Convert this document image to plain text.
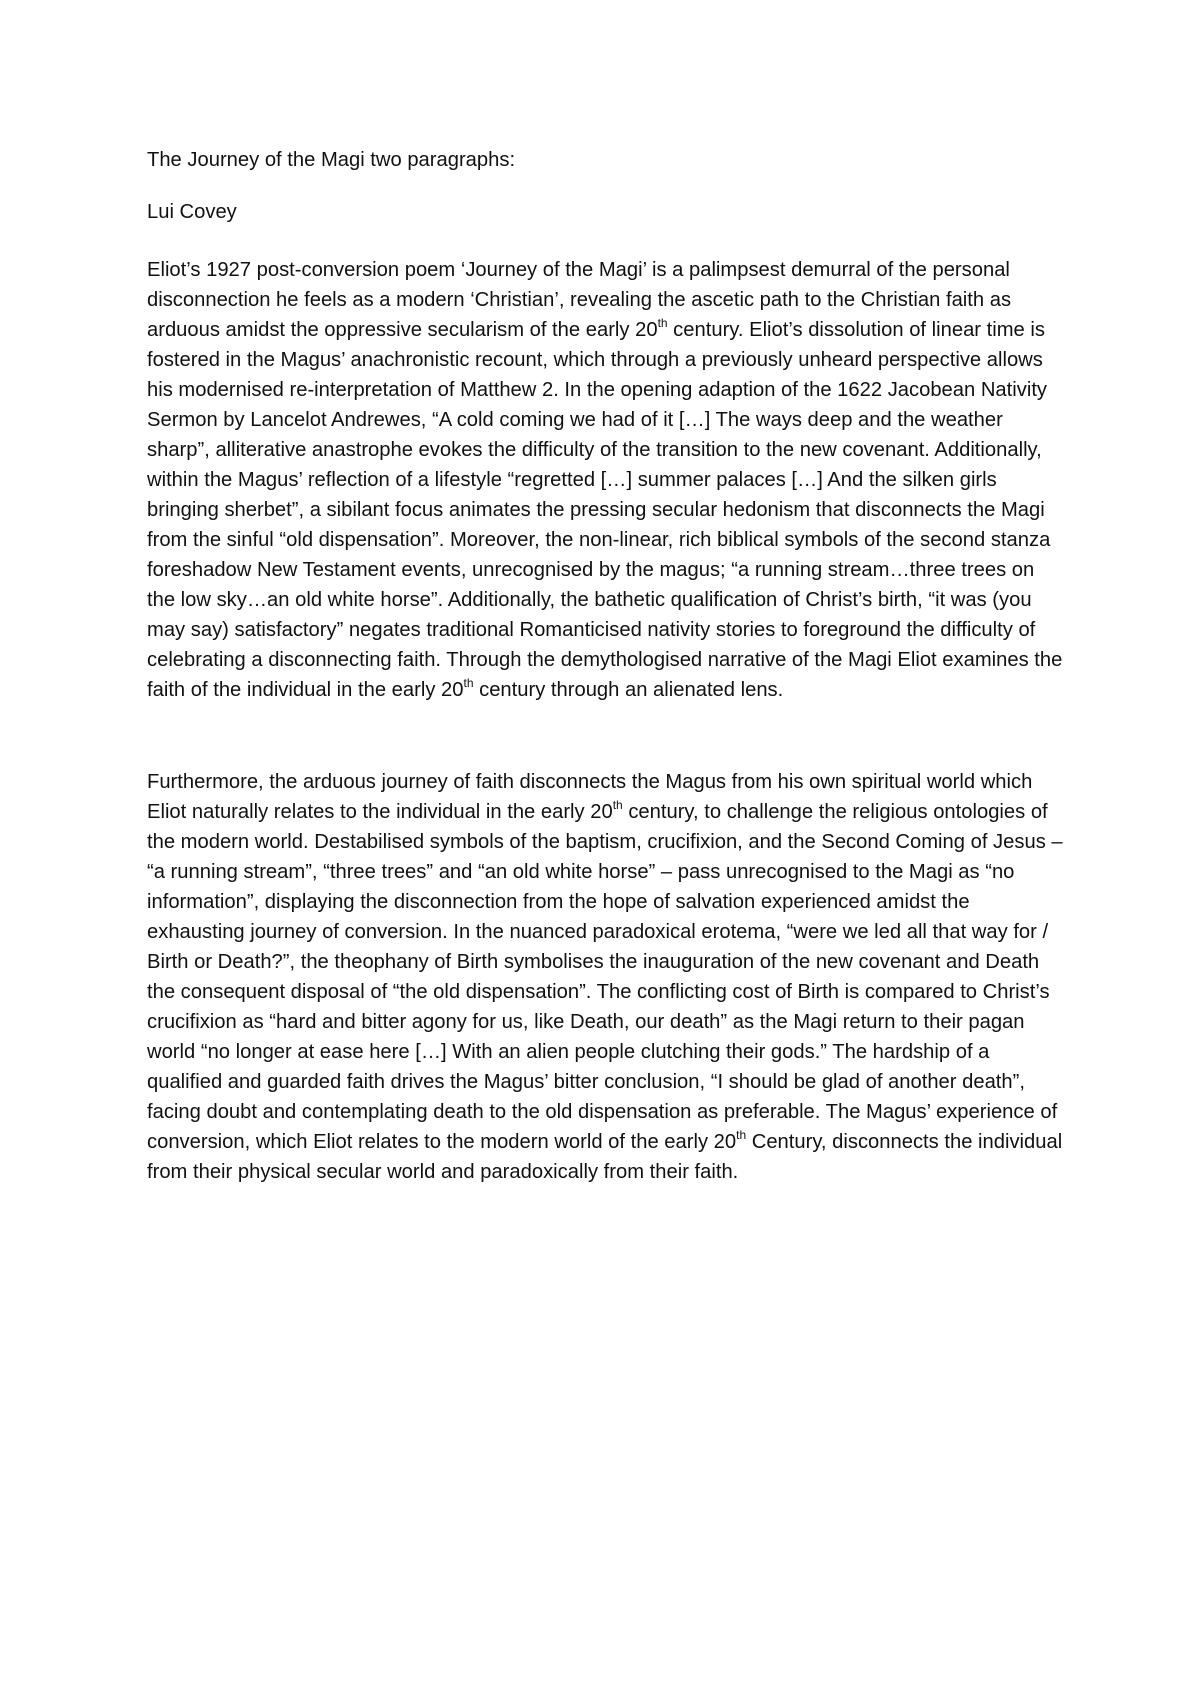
The Journey of the Magi two paragraphs:
Lui Covey

Eliot’s 1927 post-conversion poem ‘Journey of the Magi’ is a palimpsest demurral of the personal disconnection he feels as a modern ‘Christian’, revealing the ascetic path to the Christian faith as arduous amidst the oppressive secularism of the early 20th century. Eliot’s dissolution of linear time is fostered in the Magus’ anachronistic recount, which through a previously unheard perspective allows his modernised re-interpretation of Matthew 2. In the opening adaption of the 1622 Jacobean Nativity Sermon by Lancelot Andrewes, “A cold coming we had of it […] The ways deep and the weather sharp”, alliterative anastrophe evokes the difficulty of the transition to the new covenant. Additionally, within the Magus’ reflection of a lifestyle “regretted […] summer palaces […] And the silken girls bringing sherbet”, a sibilant focus animates the pressing secular hedonism that disconnects the Magi from the sinful “old dispensation”. Moreover, the non-linear, rich biblical symbols of the second stanza foreshadow New Testament events, unrecognised by the magus; “a running stream…three trees on the low sky…an old white horse”. Additionally, the bathetic qualification of Christ’s birth, “it was (you may say) satisfactory” negates traditional Romanticised nativity stories to foreground the difficulty of celebrating a disconnecting faith. Through the demythologised narrative of the Magi Eliot examines the faith of the individual in the early 20th century through an alienated lens.

Furthermore, the arduous journey of faith disconnects the Magus from his own spiritual world which Eliot naturally relates to the individual in the early 20th century, to challenge the religious ontologies of the modern world. Destabilised symbols of the baptism, crucifixion, and the Second Coming of Jesus – “a running stream”, “three trees” and “an old white horse” – pass unrecognised to the Magi as “no information”, displaying the disconnection from the hope of salvation experienced amidst the exhausting journey of conversion. In the nuanced paradoxical erotema, “were we led all that way for / Birth or Death?”, the theophany of Birth symbolises the inauguration of the new covenant and Death the consequent disposal of “the old dispensation”. The conflicting cost of Birth is compared to Christ’s crucifixion as “hard and bitter agony for us, like Death, our death” as the Magi return to their pagan world “no longer at ease here […] With an alien people clutching their gods.” The hardship of a qualified and guarded faith drives the Magus’ bitter conclusion, “I should be glad of another death”, facing doubt and contemplating death to the old dispensation as preferable. The Magus’ experience of conversion, which Eliot relates to the modern world of the early 20th Century, disconnects the individual from their physical secular world and paradoxically from their faith.
